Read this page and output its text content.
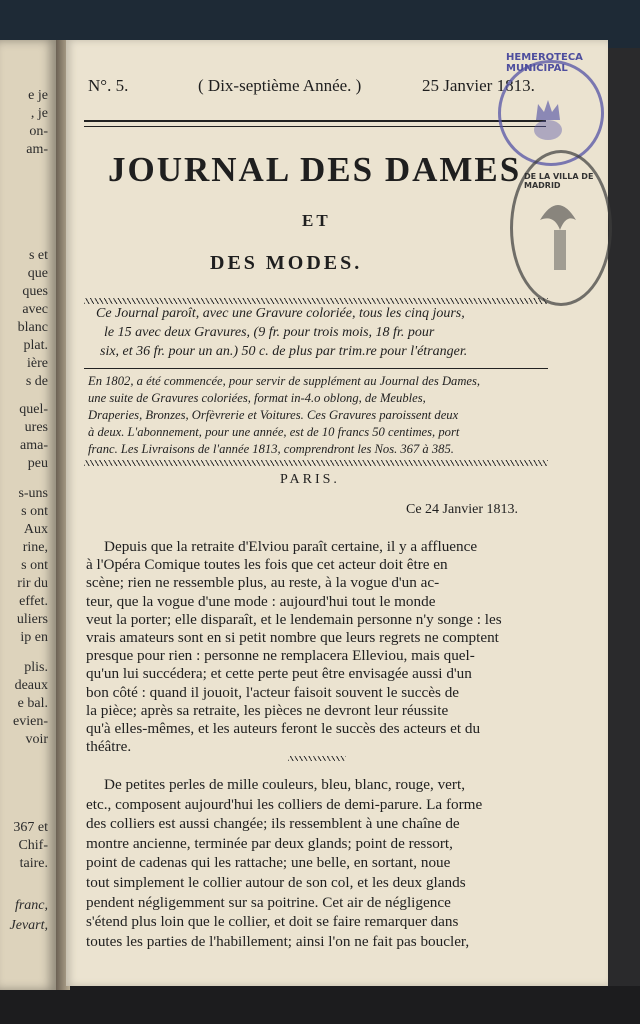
e je
, je
on-
am-
s et
que
ques
avec
blanc
plat.
ière
s de
quel-
ures
ama-
peu
s-uns
s ont
Aux
rine,
s ont
rir du
effet.
uliers
ip en
plis.
deaux
e bal.
evien-
voir
367 et
Chif-
taire.
franc,
Jevart,
N°. 5.	( Dix-septième Année. )	25 Janvier 1813.
JOURNAL DES DAMES
ET
DES MODES.
Ce Journal paroît, avec une Gravure coloriée, tous les cinq jours,
le 15 avec deux Gravures, (9 fr. pour trois mois, 18 fr. pour
six, et 36 fr. pour un an.) 50 c. de plus par trim.re pour l'étranger.
En 1802, a été commencée, pour servir de supplément au Journal des Dames,
une suite de Gravures coloriées, format in-4.o oblong, de Meubles,
Draperies, Bronzes, Orfèvrerie et Voitures. Ces Gravures paroissent deux
à deux. L'abonnement, pour une année, est de 10 francs 50 centimes, port
franc. Les Livraisons de l'année 1813, comprendront les Nos. 367 à 385.
PARIS.
Ce 24 Janvier 1813.
Depuis que la retraite d'Elviou paraît certaine, il y a affluence
à l'Opéra Comique toutes les fois que cet acteur doit être en
scène; rien ne ressemble plus, au reste, à la vogue d'un ac-
teur, que la vogue d'une mode : aujourd'hui tout le monde
veut la porter; elle disparaît, et le lendemain personne n'y songe : les
vrais amateurs sont en si petit nombre que leurs regrets ne comptent
presque pour rien : personne ne remplacera Elleviou, mais quel-
qu'un lui succédera; et cette perte peut être envisagée aussi d'un
bon côté : quand il jouoit, l'acteur faisoit souvent le succès de
la pièce; après sa retraite, les pièces ne devront leur réussite
qu'à elles-mêmes, et les auteurs feront le succès des acteurs et du
théâtre.
De petites perles de mille couleurs, bleu, blanc, rouge, vert,
etc., composent aujourd'hui les colliers de demi-parure. La forme
des colliers est aussi changée; ils ressemblent à une chaîne de
montre ancienne, terminée par deux glands; point de ressort,
point de cadenas qui les rattache; une belle, en sortant, noue
tout simplement le collier autour de son col, et les deux glands
pendent négligemment sur sa poitrine. Cet air de négligence
s'étend plus loin que le collier, et doit se faire remarquer dans
toutes les parties de l'habillement; ainsi l'on ne fait pas boucler,
HEMEROTECA MUNICIPAL
DE LA VILLA DE MADRID
